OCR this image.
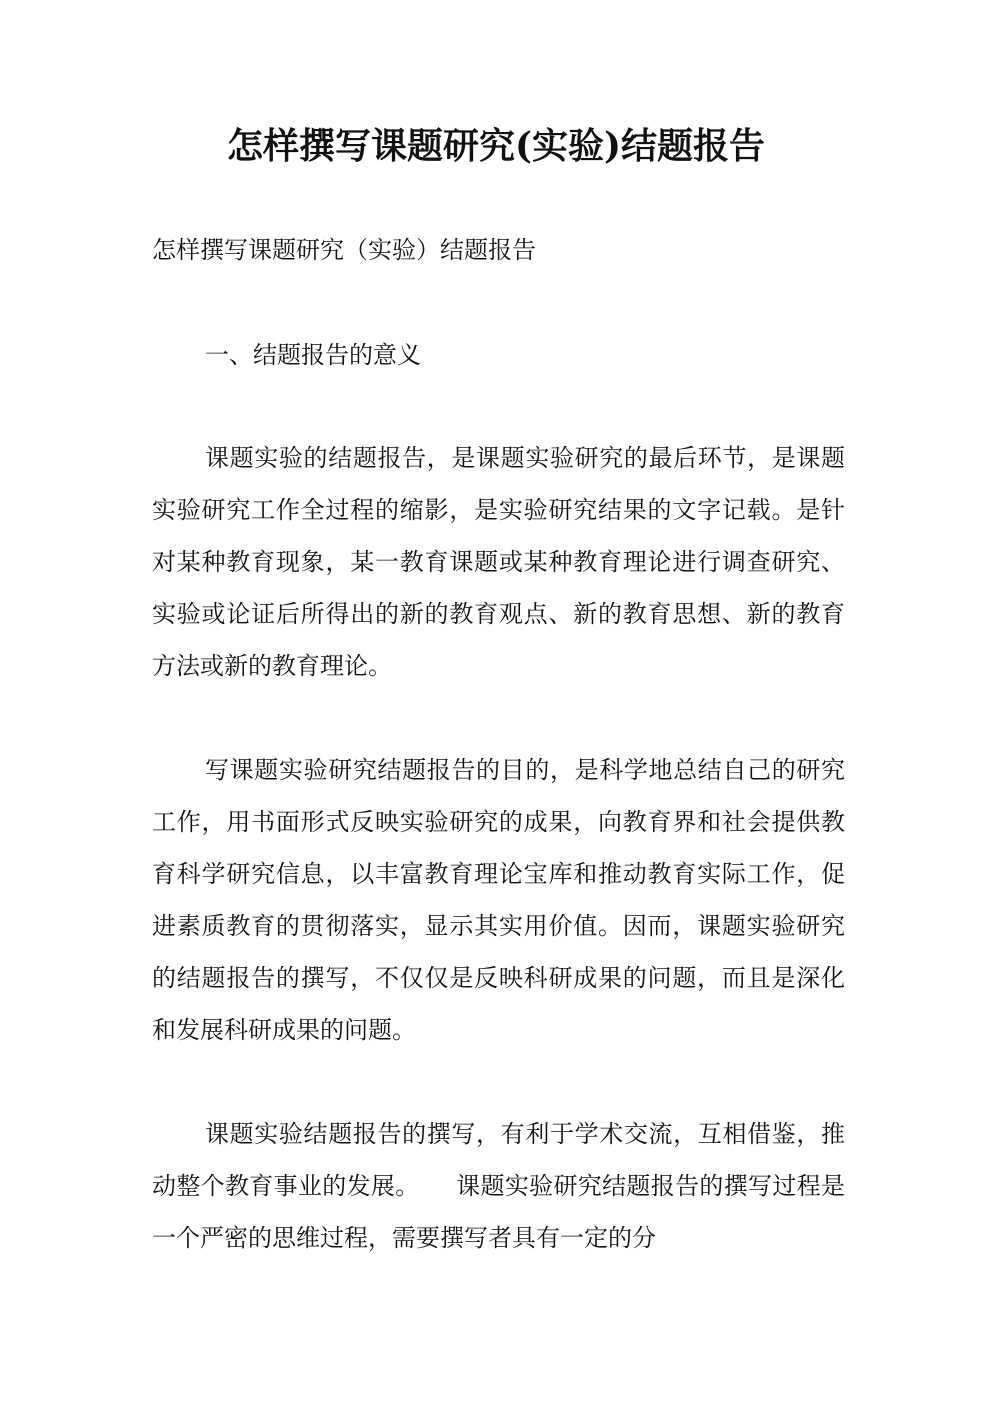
怎样撰写课题研究(实验)结题报告
怎样撰写课题研究（实验）结题报告
一、结题报告的意义

课题实验的结题报告，是课题实验研究的最后环节，是课题实验研究工作全过程的缩影，是实验研究结果的文字记载。是针对某种教育现象，某一教育课题或某种教育理论进行调查研究、实验或论证后所得出的新的教育观点、新的教育思想、新的教育方法或新的教育理论。

写课题实验研究结题报告的目的，是科学地总结自己的研究工作，用书面形式反映实验研究的成果，向教育界和社会提供教育科学研究信息，以丰富教育理论宝库和推动教育实际工作，促进素质教育的贯彻落实，显示其实用价值。因而，课题实验研究的结题报告的撰写，不仅仅是反映科研成果的问题，而且是深化和发展科研成果的问题。

课题实验结题报告的撰写，有利于学术交流，互相借鉴，推动整个教育事业的发展。　　课题实验研究结题报告的撰写过程是一个严密的思维过程，需要撰写者具有一定的分
